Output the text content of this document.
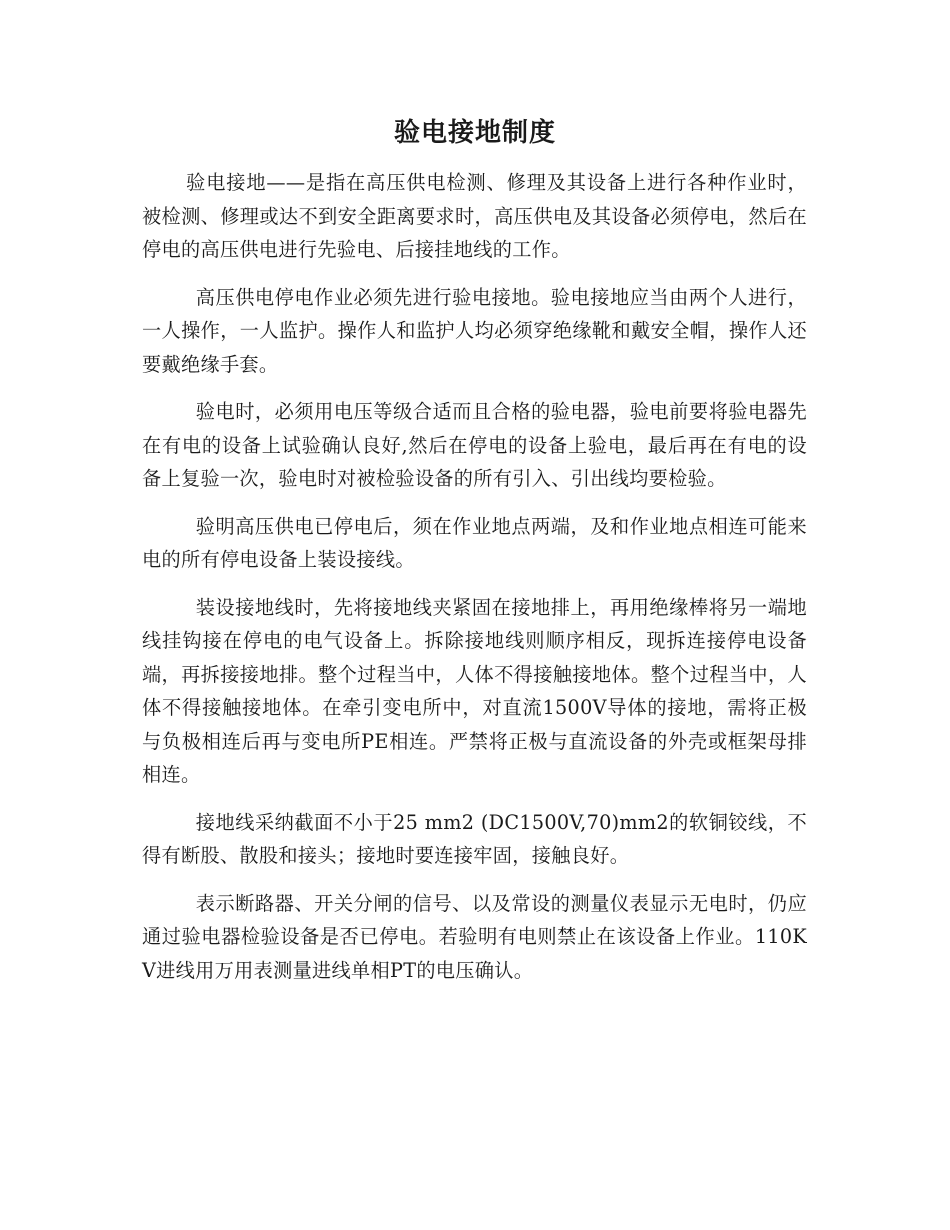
验电接地制度

验电接地——是指在高压供电检测、修理及其设备上进行各种作业时，被检测、修理或达不到安全距离要求时，高压供电及其设备必须停电，然后在停电的高压供电进行先验电、后接挂地线的工作。

高压供电停电作业必须先进行验电接地。验电接地应当由两个人进行，一人操作，一人监护。操作人和监护人均必须穿绝缘靴和戴安全帽，操作人还要戴绝缘手套。

验电时，必须用电压等级合适而且合格的验电器，验电前要将验电器先在有电的设备上试验确认良好,然后在停电的设备上验电，最后再在有电的设备上复验一次，验电时对被检验设备的所有引入、引出线均要检验。

验明高压供电已停电后，须在作业地点两端，及和作业地点相连可能来电的所有停电设备上装设接线。

装设接地线时，先将接地线夹紧固在接地排上，再用绝缘棒将另一端地线挂钩接在停电的电气设备上。拆除接地线则顺序相反，现拆连接停电设备端，再拆接接地排。整个过程当中，人体不得接触接地体。整个过程当中，人体不得接触接地体。在牵引变电所中，对直流1500V导体的接地，需将正极与负极相连后再与变电所PE相连。严禁将正极与直流设备的外壳或框架母排相连。

接地线采纳截面不小于25 mm2 (DC1500V,70)mm2的软铜铰线，不得有断股、散股和接头；接地时要连接牢固，接触良好。

表示断路器、开关分闸的信号、以及常设的测量仪表显示无电时，仍应通过验电器检验设备是否已停电。若验明有电则禁止在该设备上作业。110KV进线用万用表测量进线单相PT的电压确认。
